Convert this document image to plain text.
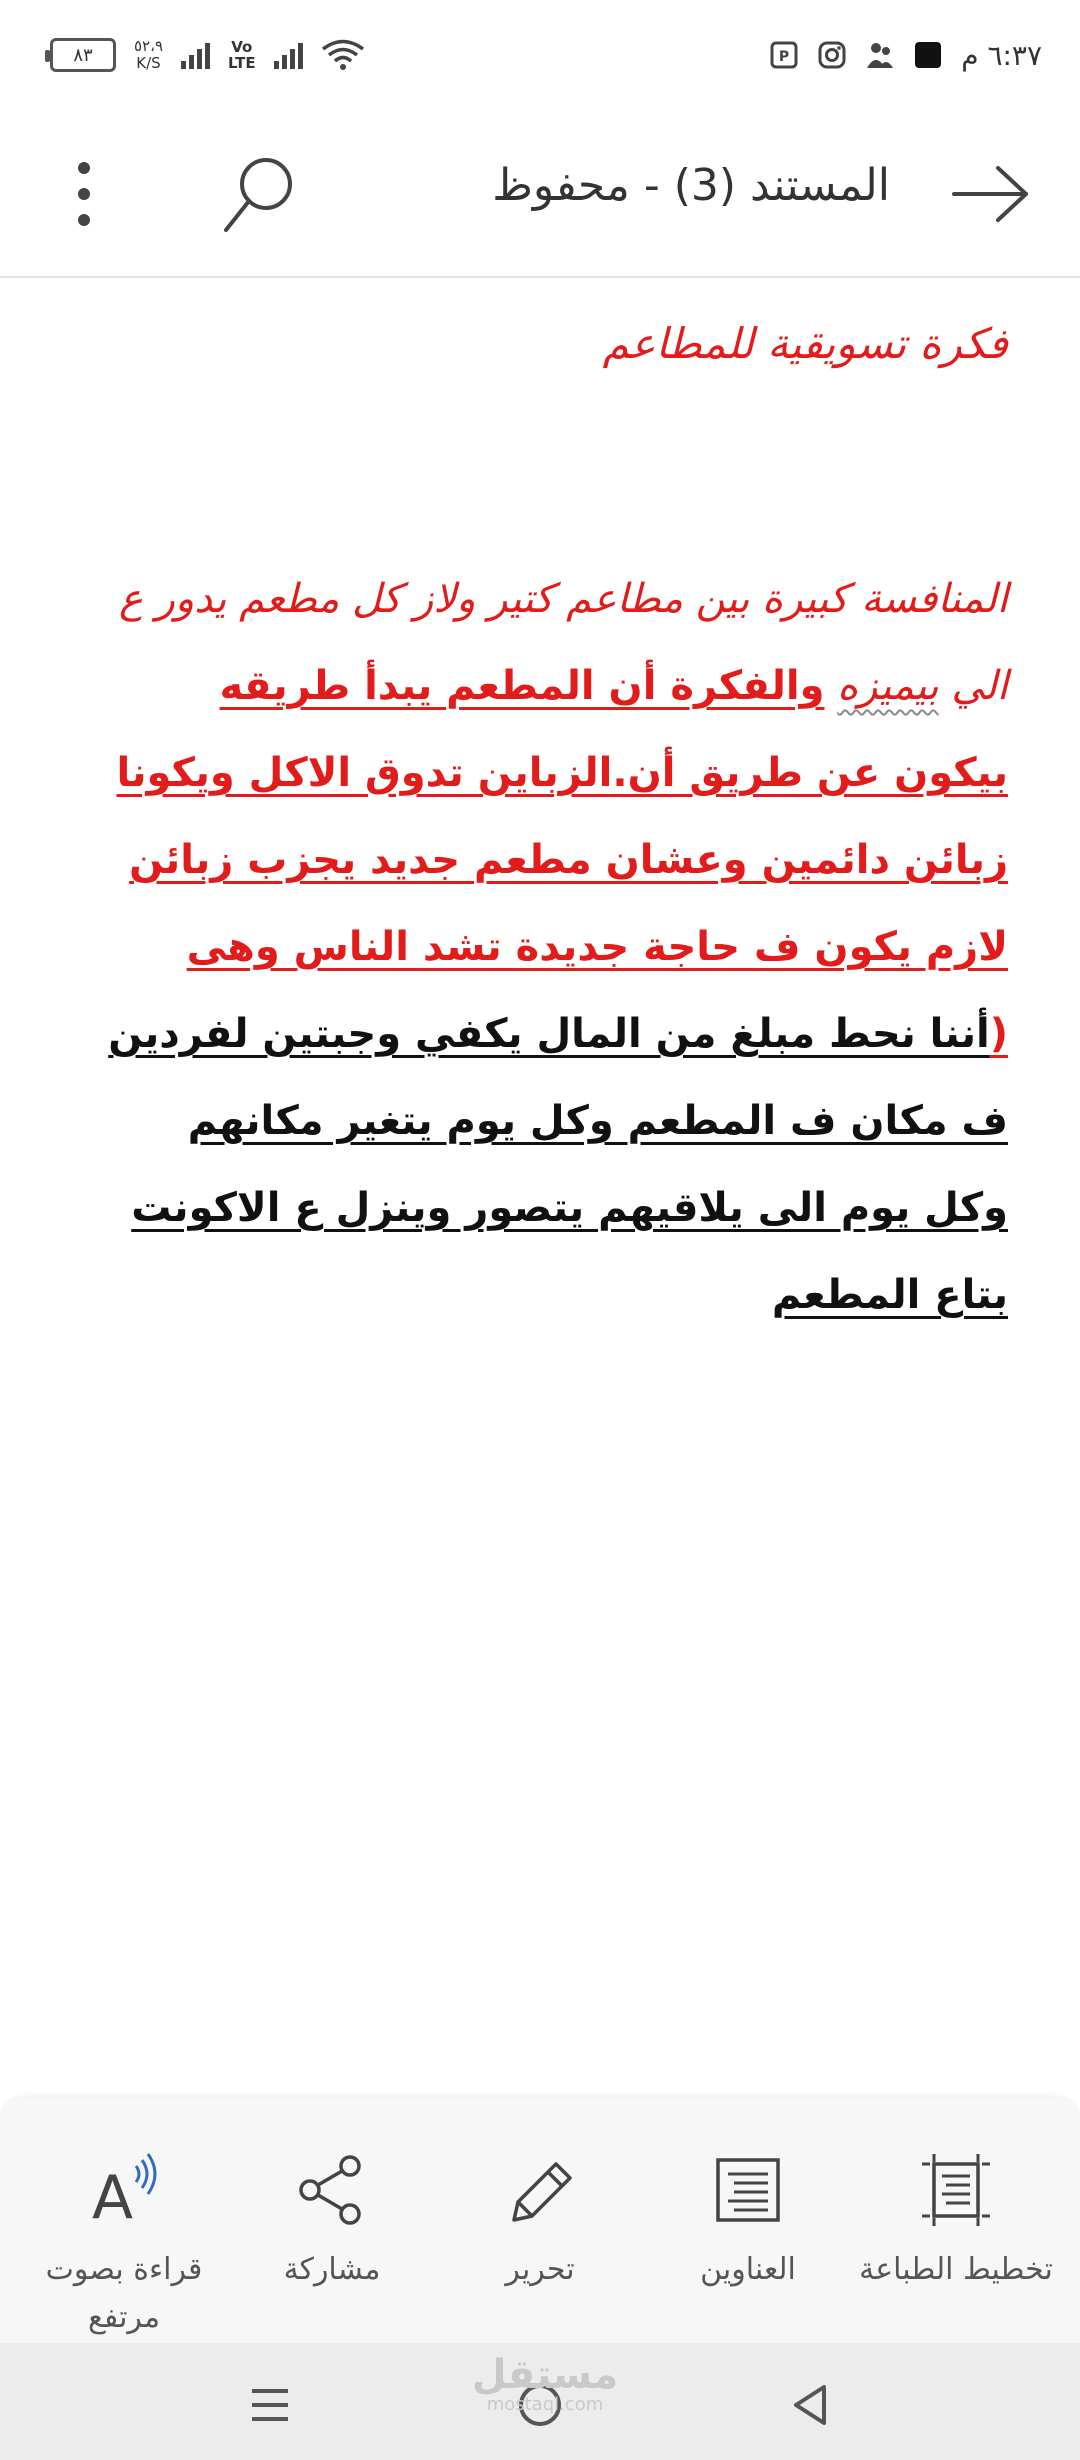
٨٣	٥٢،٩
K/S
Vo
LTE	P	٦:٣٧ م
المستند (3) - محفوظ
فكرة تسويقية للمطاعم

المنافسة كبيرة بين مطاعم كتير ولاز كل مطعم يدور ع الي بيميزه والفكرة أن المطعم يبدأ طريقه بيكون عن طريق أن.الزباين تدوق الاكل ويكونا زبائن دائمين وعشان مطعم جديد يجزب زبائن لازم يكون ف حاجة جديدة تشد الناس وهى (أننا نحط مبلغ من المال يكفي وجبتين لفردين ف مكان ف المطعم وكل يوم يتغير مكانهم وكل يوم الى يلاقيهم يتصور وينزل ع الاكونت بتاع المطعم

A
قراءة بصوت مرتفع
مشاركة	تحرير	العناوين تخطيط الطباعة
مستقل
mostaql.com
